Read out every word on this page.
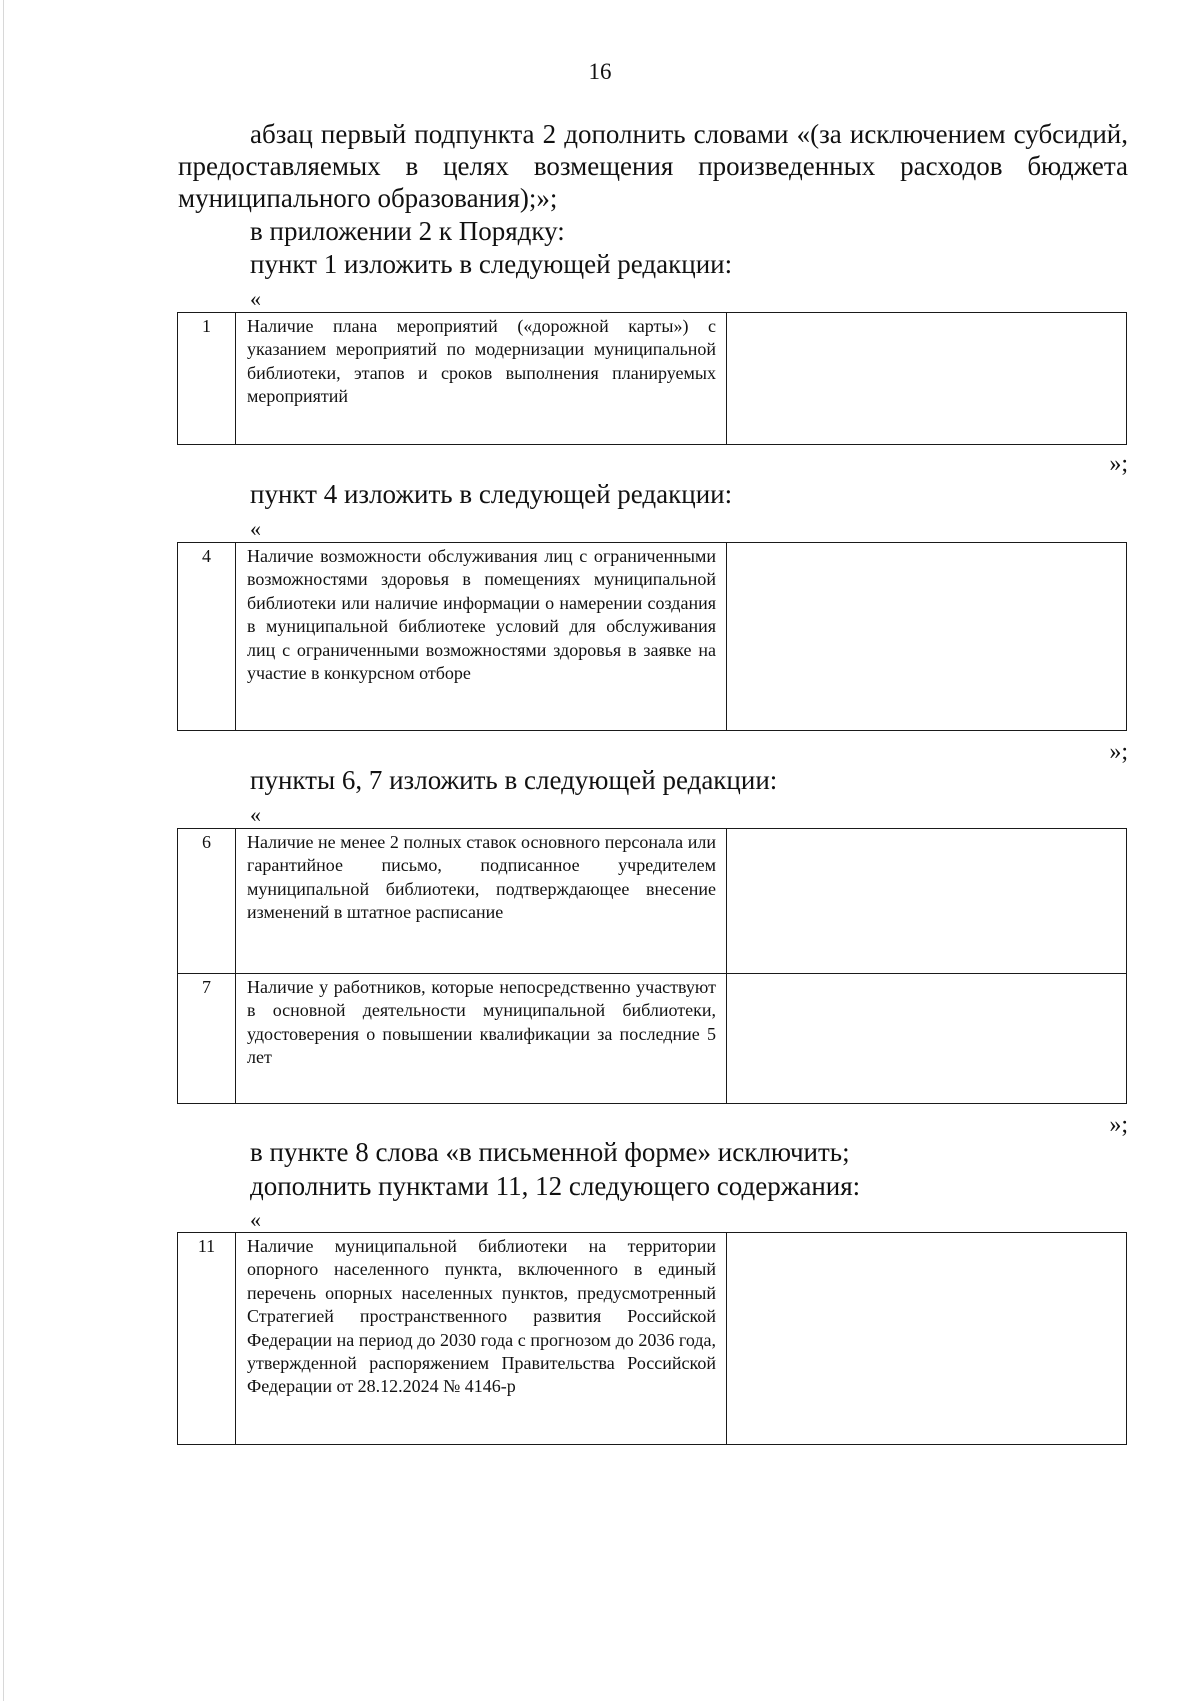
16

абзац первый подпункта 2 дополнить словами «(за исключением субсидий, предоставляемых в целях возмещения произведенных расходов бюджета муниципального образования);»;

в приложении 2 к Порядку:

пункт 1 изложить в следующей редакции:

«
1	Наличие плана мероприятий («дорожной карты») с указанием мероприятий по модернизации муниципальной библиотеки, этапов и сроков выполнения планируемых мероприятий

»;

пункт 4 изложить в следующей редакции:

«
4	Наличие возможности обслуживания лиц с ограниченными возможностями здоровья в помещениях муниципальной библиотеки или наличие информации о намерении создания в муниципальной библиотеке условий для обслуживания лиц с ограниченными возможностями здоровья в заявке на участие в конкурсном отборе

»;

пункты 6, 7 изложить в следующей редакции:

«
6	Наличие не менее 2 полных ставок основного персонала или гарантийное письмо, подписанное учредителем муниципальной библиотеки, подтверждающее внесение изменений в штатное расписание	

7	Наличие у работников, которые непосредственно участвуют в основной деятельности муниципальной библиотеки, удостоверения о повышении квалификации за последние 5 лет	

»;

в пункте 8 слова «в письменной форме» исключить;

дополнить пунктами 11, 12 следующего содержания:

«
11	Наличие муниципальной библиотеки на территории опорного населенного пункта, включенного в единый перечень опорных населенных пунктов, предусмотренный Стратегией пространственного развития Российской Федерации на период до 2030 года с прогнозом до 2036 года, утвержденной распоряжением Правительства Российской Федерации от 28.12.2024 № 4146-р
